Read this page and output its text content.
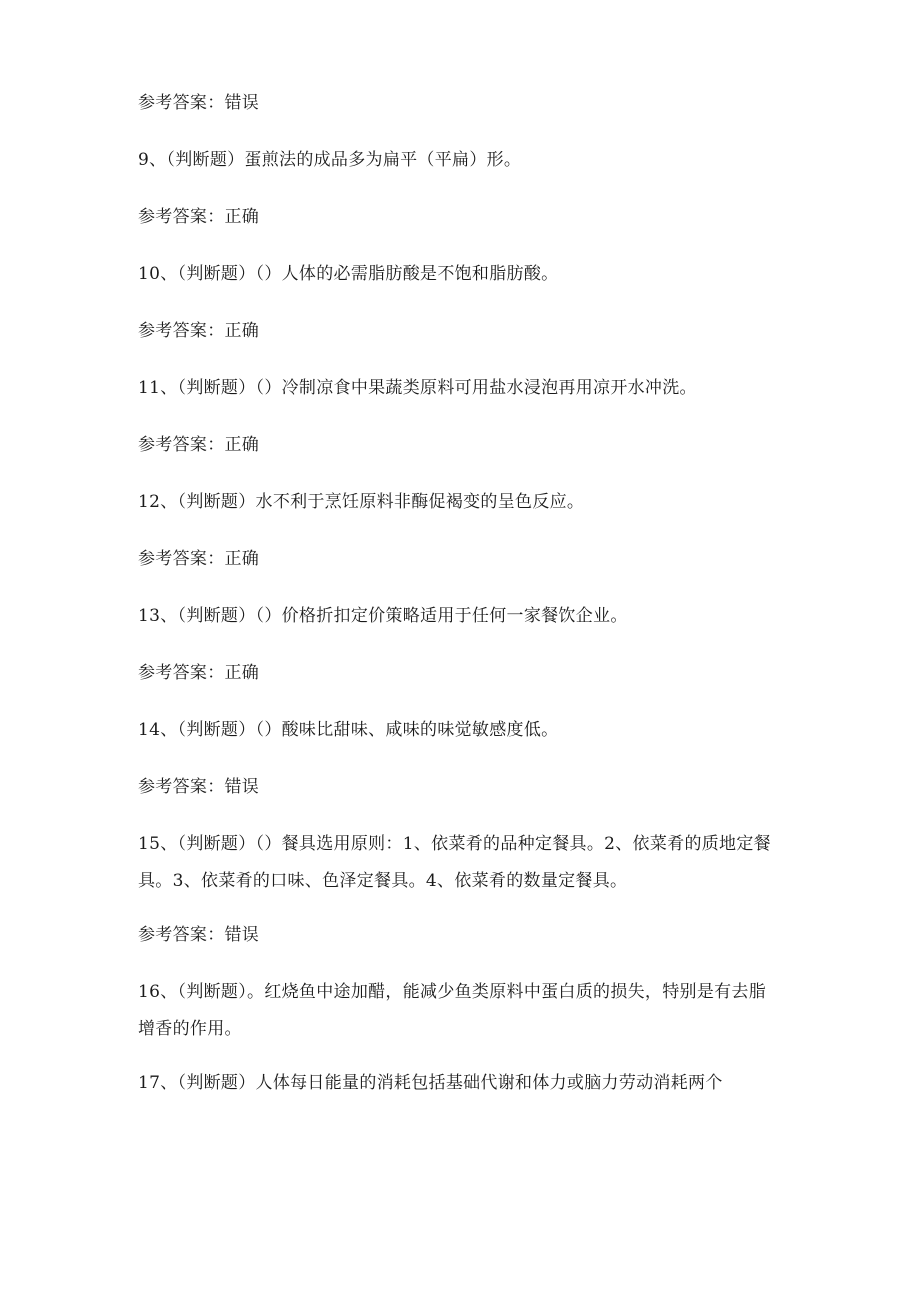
参考答案：错误
9、（判断题）蛋煎法的成品多为扁平（平扁）形。
参考答案：正确
10、（判断题）（）人体的必需脂肪酸是不饱和脂肪酸。
参考答案：正确
11、（判断题）（）冷制凉食中果蔬类原料可用盐水浸泡再用凉开水冲洗。
参考答案：正确
12、（判断题）水不利于烹饪原料非酶促褐变的呈色反应。
参考答案：正确
13、（判断题）（）价格折扣定价策略适用于任何一家餐饮企业。
参考答案：正确
14、（判断题）（）酸味比甜味、咸味的味觉敏感度低。
参考答案：错误
15、（判断题）（）餐具选用原则：1、依菜肴的品种定餐具。2、依菜肴的质地定餐具。3、依菜肴的口味、色泽定餐具。4、依菜肴的数量定餐具。
参考答案：错误
16、（判断题）。红烧鱼中途加醋，能减少鱼类原料中蛋白质的损失，特别是有去脂增香的作用。
17、（判断题）人体每日能量的消耗包括基础代谢和体力或脑力劳动消耗两个
